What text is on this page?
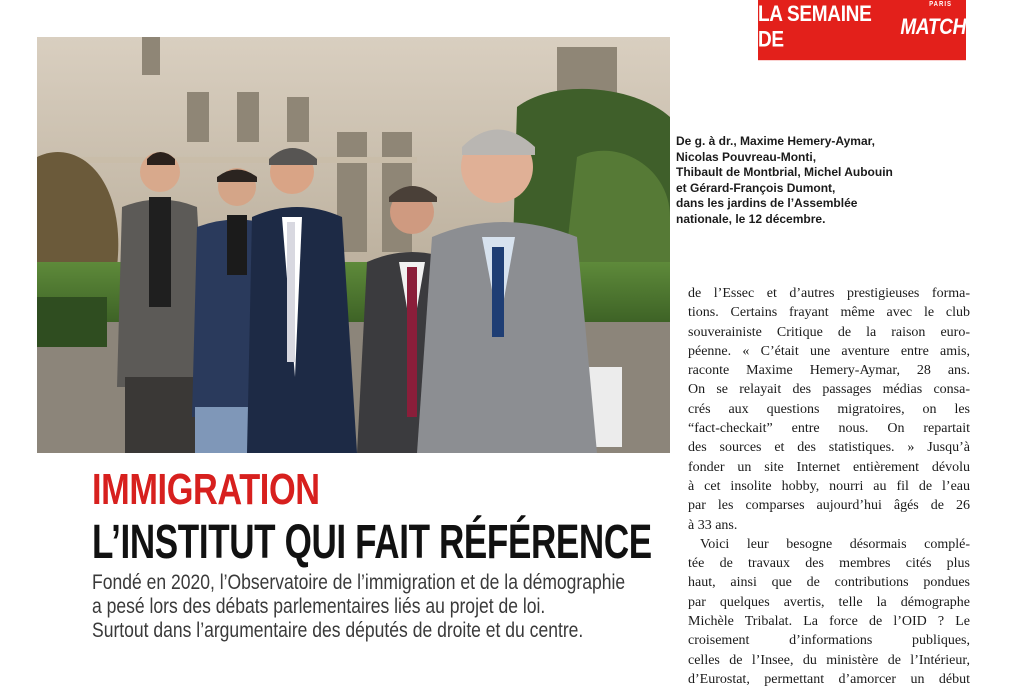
LA SEMAINE DE
MATCH
PARIS
De g. à dr., Maxime Hemery-Aymar,
Nicolas Pouvreau-Monti,
Thibault de Montbrial, Michel Aubouin
et Gérard-François Dumont,
dans les jardins de l’Assemblée
nationale, le 12 décembre.
IMMIGRATION
L’INSTITUT QUI FAIT RÉFÉRENCE
Fondé en 2020, l’Observatoire de l’immigration et de la démographie
a pesé lors des débats parlementaires liés au projet de loi.
Surtout dans l’argumentaire des députés de droite et du centre.
de l’Essec et d’autres prestigieuses forma-
tions. Certains frayant même avec le club
souverainiste Critique de la raison euro-
péenne. « C’était une aventure entre amis,
raconte Maxime Hemery-Aymar, 28 ans.
On se relayait des passages médias consa-
crés aux questions migratoires, on les
“fact-checkait” entre nous. On repartait
des sources et des statistiques. » Jusqu’à
fonder un site Internet entièrement dévolu
à cet insolite hobby, nourri au fil de l’eau
par les comparses aujourd’hui âgés de 26
à 33 ans.
Voici leur besogne désormais complé-
tée de travaux des membres cités plus
haut, ainsi que de contributions pondues
par quelques avertis, telle la démographe
Michèle Tribalat. La force de l’OID ? Le
croisement d’informations publiques,
celles de l’Insee, du ministère de l’Intérieur,
d’Eurostat, permettant d’amorcer un début
